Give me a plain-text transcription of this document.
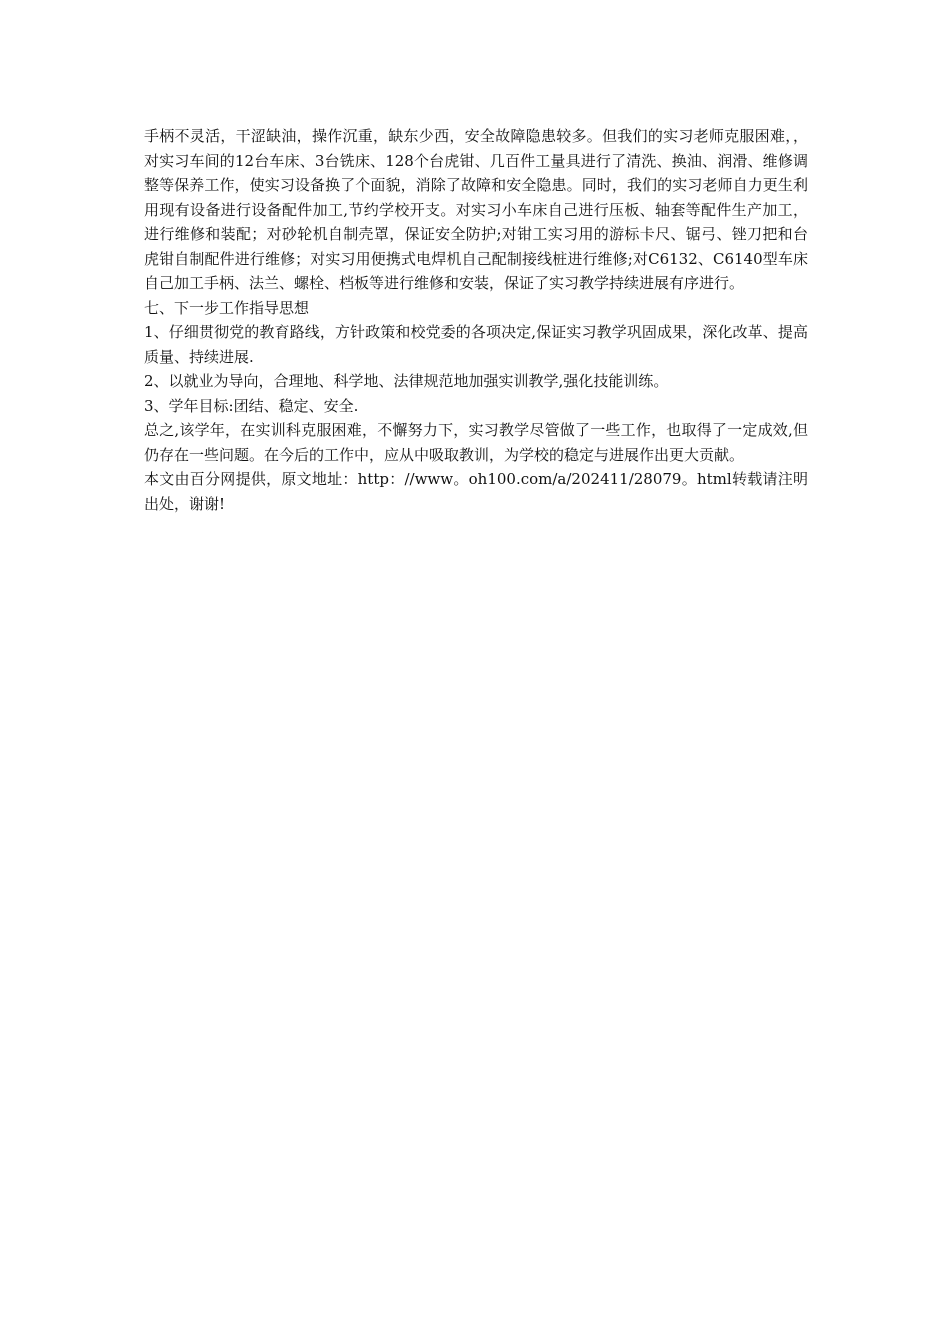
手柄不灵活，干涩缺油，操作沉重，缺东少西，安全故障隐患较多。但我们的实习老师克服困难，，对实习车间的12台车床、3台铣床、128个台虎钳、几百件工量具进行了清洗、换油、润滑、维修调整等保养工作，使实习设备换了个面貌，消除了故障和安全隐患。同时，我们的实习老师自力更生利用现有设备进行设备配件加工,节约学校开支。对实习小车床自己进行压板、轴套等配件生产加工，进行维修和装配；对砂轮机自制壳罩，保证安全防护;对钳工实习用的游标卡尺、锯弓、锉刀把和台虎钳自制配件进行维修；对实习用便携式电焊机自己配制接线桩进行维修;对C6132、C6140型车床自己加工手柄、法兰、螺栓、档板等进行维修和安装，保证了实习教学持续进展有序进行。

七、下一步工作指导思想

1、仔细贯彻党的教育路线，方针政策和校党委的各项决定,保证实习教学巩固成果，深化改革、提高质量、持续进展.

2、以就业为导向，合理地、科学地、法律规范地加强实训教学,强化技能训练。

3、学年目标:团结、稳定、安全.

总之,该学年，在实训科克服困难，不懈努力下，实习教学尽管做了一些工作，也取得了一定成效,但仍存在一些问题。在今后的工作中，应从中吸取教训，为学校的稳定与进展作出更大贡献。

本文由百分网提供，原文地址：http：//www。oh100.com/a/202411/28079。html转载请注明出处，谢谢!
